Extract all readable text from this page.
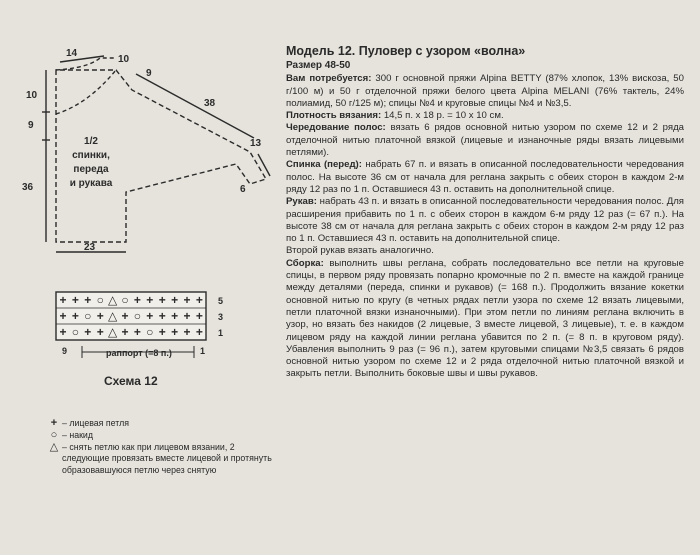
14
10
9
38
10
9
36
23
13
6
1/2
спинки,
переда
и рукава
+ + + ○ △ ○ + + + + + +
+ + ○ + △ + ○ + + + + +
+ ○ + + △ + + ○ + + + +
5
3
1
9	1
раппорт (=8 п.)
Схема 12
+ – лицевая петля
○ – накид
△ – снять петлю как при лицевом вязании, 2 следующие провязать вместе лицевой и протянуть образовавшуюся петлю через снятую
Модель 12. Пуловер с узором «волна»
Размер 48-50

Вам потребуется: 300 г основной пряжи Alpina BETTY (87% хлопок, 13% вискоза, 50 г/100 м) и 50 г отделочной пряжи белого цвета Alpina MELANI (76% тактель, 24% полиамид, 50 г/125 м); спицы №4 и круговые спицы №4 и №3,5.

Плотность вязания: 14,5 п. х 18 р. = 10 х 10 см.

Чередование полос: вязать 6 рядов основной нитью узором по схеме 12 и 2 ряда отделочной нитью платочной вязкой (лицевые и изнаночные ряды вязать лицевыми петлями).

Спинка (перед): набрать 67 п. и вязать в описанной последовательности чередования полос. На высоте 36 см от начала для реглана закрыть с обеих сторон в каждом 2-м ряду 12 раз по 1 п. Оставшиеся 43 п. оставить на дополнительной спице.

Рукав: набрать 43 п. и вязать в описанной последовательности чередования полос. Для расширения прибавить по 1 п. с обеих сторон в каждом 6-м ряду 12 раз (= 67 п.). На высоте 38 см от начала для реглана закрыть с обеих сторон в каждом 2-м ряду 12 раз по 1 п. Оставшиеся 43 п. оставить на дополнительной спице.

Второй рукав вязать аналогично.

Сборка: выполнить швы реглана, собрать последовательно все петли на круговые спицы, в первом ряду провязать попарно кромочные по 2 п. вместе на каждой границе между деталями (переда, спинки и рукавов) (= 168 п.). Продолжить вязание кокетки основной нитью по кругу (в четных рядах петли узора по схеме 12 вязать лицевыми, петли платочной вязки изнаночными). При этом петли по линиям реглана включить в узор, но вязать без накидов (2 лицевые, 3 вместе лицевой, 3 лицевые), т. е. в каждом лицевом ряду на каждой линии реглана убавится по 2 п. (= 8 п. в круговом ряду). Убавления выполнить 9 раз (= 96 п.), затем круговыми спицами №3,5 связать 6 рядов основной нитью узором по схеме 12 и 2 ряда отделочной нитью платочной вязкой и закрыть петли. Выполнить боковые швы и швы рукавов.
